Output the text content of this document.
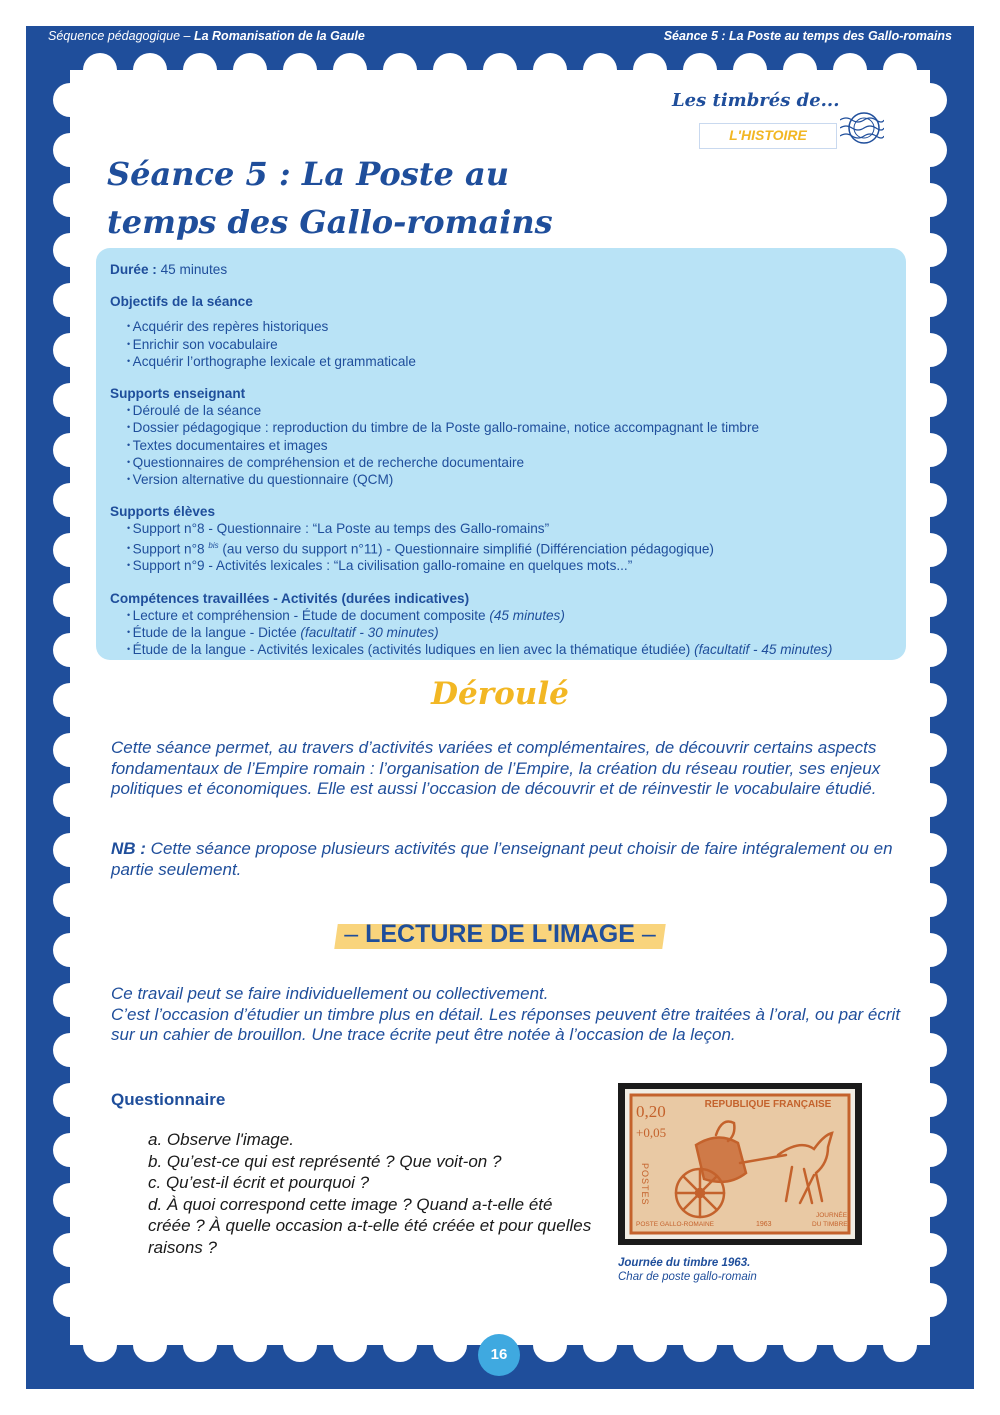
Séquence pédagogique – La Romanisation de la Gaule	Séance 5 : La Poste au temps des Gallo-romains
Les timbrés de...
L'HISTOIRE
Séance 5 : La Poste au
temps des Gallo-romains
Durée : 45 minutes
Objectifs de la séance
• Acquérir des repères historiques
• Enrichir son vocabulaire
• Acquérir l’orthographe lexicale et grammaticale
Supports enseignant
• Déroulé de la séance
• Dossier pédagogique : reproduction du timbre de la Poste gallo-romaine, notice accompagnant le timbre
• Textes documentaires et images
• Questionnaires de compréhension et de recherche documentaire
• Version alternative du questionnaire (QCM)
Supports élèves
• Support n°8 - Questionnaire : “La Poste au temps des Gallo-romains”
• Support n°8 $^{bis}$ (au verso du support n°11) - Questionnaire simplifié (Différenciation pédagogique)
• Support n°9 - Activités lexicales : “La civilisation gallo-romaine en quelques mots...”
Compétences travaillées - Activités (durées indicatives)
• Lecture et compréhension - Étude de document composite (45 minutes)
• Étude de la langue - Dictée (facultatif - 30 minutes)
• Étude de la langue - Activités lexicales (activités ludiques en lien avec la thématique étudiée) (facultatif - 45 minutes)
Déroulé

Cette séance permet, au travers d’activités variées et complémentaires, de découvrir certains aspects fondamentaux de l’Empire romain : l’organisation de l’Empire, la création du réseau routier, ses enjeux politiques et économiques. Elle est aussi l’occasion de découvrir et de réinvestir le vocabulaire étudié.

NB : Cette séance propose plusieurs activités que l’enseignant peut choisir de faire intégralement ou en partie seulement.

– LECTURE DE L'IMAGE –

Ce travail peut se faire individuellement ou collectivement.
C’est l’occasion d’étudier un timbre plus en détail. Les réponses peuvent être traitées à l’oral, ou par écrit sur un cahier de brouillon. Une trace écrite peut être notée à l’occasion de la leçon.

Questionnaire
a. Observe l'image.
b. Qu’est-ce qui est représenté ? Que voit-on ?
c. Qu’est-il écrit et pourquoi ?
d. À quoi correspond cette image ? Quand a-t-elle été créée ? À quelle occasion a-t-elle été créée et pour quelles raisons ?
REPUBLIQUE FRANÇAISE
0,20
+0,05
POSTES
POSTE GALLO-ROMAINE	1963
JOURNÉE
DU TIMBRE
Journée du timbre 1963.
Char de poste gallo-romain
16
